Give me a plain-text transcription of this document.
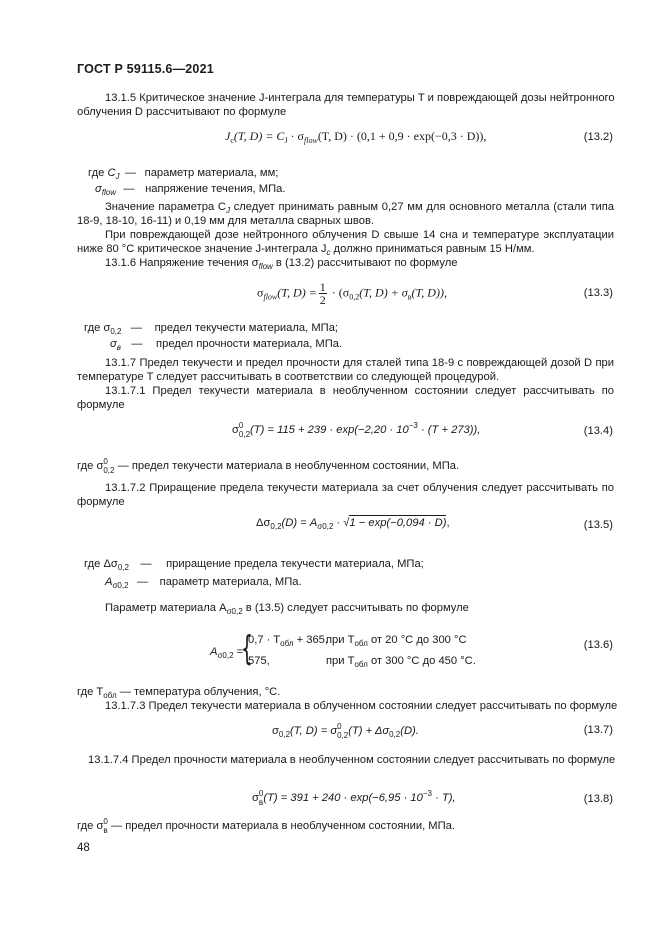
ГОСТ Р 59115.6—2021
13.1.5 Критическое значение J-интеграла для температуры T и повреждающей дозы нейтронного
облучения D рассчитывают по формуле
$J_c(T$, $D) = C_J \cdot \sigma_{flow}(T$, D) · (0,1 + 0,9 · exp(−0,3 · D)),	(13.2)
где $C_J$ — параметр материала, мм;
$\sigma_{flow}$ — напряжение течения, МПа.
Значение параметра $C_J$ следует принимать равным 0,27 мм для основного металла (стали типа
18-9, 18-10, 16-11) и 0,19 мм для металла сварных швов.
При повреждающей дозе нейтронного облучения D свыше 14 сна и температуре эксплуатации
ниже 80 °С критическое значение J-интеграла $J_c$ должно приниматься равным 15 Н/мм.
13.1.6 Напряжение течения $\sigma_{flow}$ в (13.2) рассчитывают по формуле
$\sigma_{flow}(T$, $D) = \frac{1}{2} \cdot (\sigma_{0,2}(T$, $D) + \sigma_в(T$, D)),	(13.3)
где $\sigma_{0,2}$ — предел текучести материала, МПа;
$\sigma_в$ — предел прочности материала, МПа.
13.1.7 Предел текучести и предел прочности для сталей типа 18-9 с повреждающей дозой D при
температуре T следует рассчитывать в соответствии со следующей процедурой.
13.1.7.1 Предел текучести материала в необлученном состоянии следует рассчитывать по
формуле
σ 0
0,2 $(T) = 115 + 239 \cdot \exp(-2,20 \cdot 10^{-3} \cdot (T + 273))$,	(13.4)
где σ 0
0,2 — предел текучести материала в необлученном состоянии, МПа.
13.1.7.2 Приращение предела текучести материала за счет облучения следует рассчитывать по
формуле
$\Delta\sigma_{0,2}(D) = A_{\sigma 0,2} \cdot √1 - \exp(-0,094 \cdot D)$,	(13.5)
где $\Delta\sigma_{0,2}$ — приращение предела текучести материала, МПа;
$A_{\sigma 0,2}$ — параметр материала, МПа.
Параметр материала $A_{\sigma 0,2}$ в (13.5) следует рассчитывать по формуле
$A_{\sigma 0,2}$ =
{
$0,7 \cdot T_{обл} + 365$,
при $T_{обл}$ от 20 °С до 300 °С
575,	при $T_{обл}$ от 300 °С до 450 °С.
(13.6)
где $T_{обл}$ — температура облучения, °С.
13.1.7.3 Предел текучести материала в облученном состоянии следует рассчитывать по формуле
$\sigma_{0,2}(T$, D) = σ 0
0,2 $(T) + \Delta\sigma_{0,2}(D)$.	(13.7)
13.1.7.4 Предел прочности материала в необлученном состоянии следует рассчитывать по формуле
σ 0
в $(T) = 391 + 240 \cdot \exp(-6,95 \cdot 10^{-3} \cdot T)$,	(13.8)
где σ 0
в — предел прочности материала в необлученном состоянии, МПа.
48
